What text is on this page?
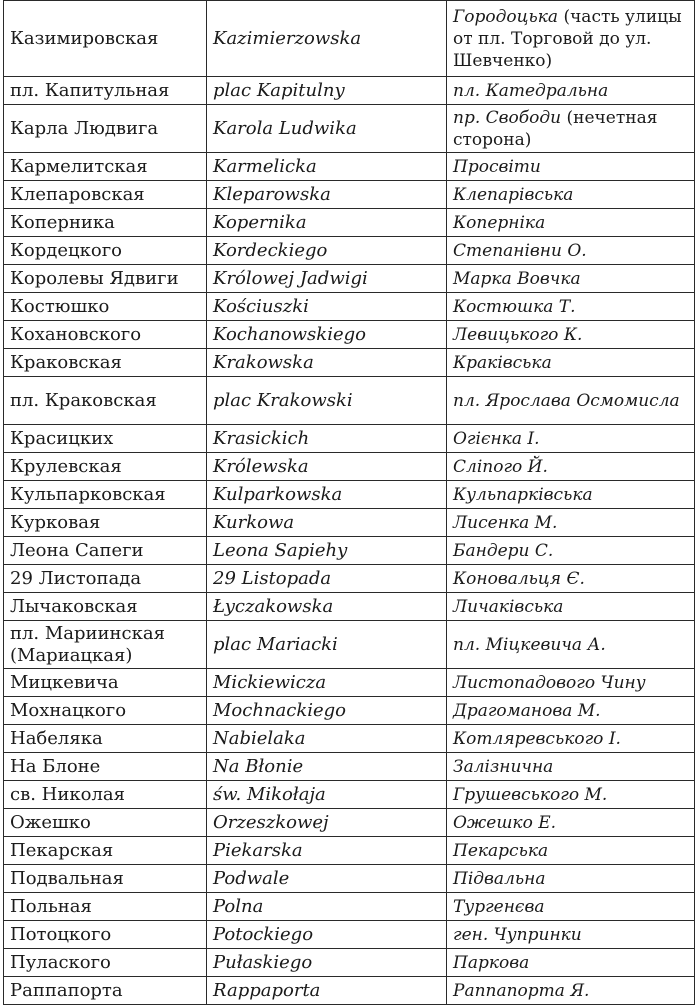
Казимировская	Kazimierzowska	Городоцька (часть улицы от пл. Торговой до ул. Шевченко)
пл. Капитульная	plac Kapitulny	пл. Катедральна
Карла Людвига	Karola Ludwika	пр. Свободи (нечетная сторона)
Кармелитская	Karmelicka	Просвіти
Клепаровская	Kleparowska	Клепарівська
Коперника	Kopernika	Коперніка
Кордецкого	Kordeckiego	Степанівни О.
Королевы Ядвиги	Królowej Jadwigi	Марка Вовчка
Костюшко	Kościuszki	Костюшка Т.
Кохановского	Kochanowskiego	Левицького К.
Краковская	Krakowska	Краківська
пл. Краковская	plac Krakowski	пл. Ярослава Осмомисла
Красицких	Krasickich	Огієнка І.
Крулевская	Królewska	Сліпого Й.
Кульпарковская	Kulparkowska	Кульпарківська
Курковая	Kurkowa	Лисенка М.
Леона Сапеги	Leona Sapiehy	Бандери С.
29 Листопада	29 Listopada	Коновальця Є.
Лычаковская	Łyczakowska	Личаківська
пл. Мариинская (Мариацкая)	plac Mariacki	пл. Міцкевича А.
Мицкевича	Mickiewicza	Листопадового Чину
Мохнацкого	Mochnackiego	Драгоманова М.
Набеляка	Nabielaka	Котляревського І.
На Блоне	Na Błonie	Залізнична
св. Николая	św. Mikołaja	Грушевського М.
Ожешко	Orzeszkowej	Ожешко Е.
Пекарская	Piekarska	Пекарська
Подвальная	Podwale	Підвальна
Польная	Polna	Тургенєва
Потоцкого	Potockiego	ген. Чупринки
Пулаского	Pułaskiego	Паркова
Раппапорта	Rappaporta	Раппапорта Я.
